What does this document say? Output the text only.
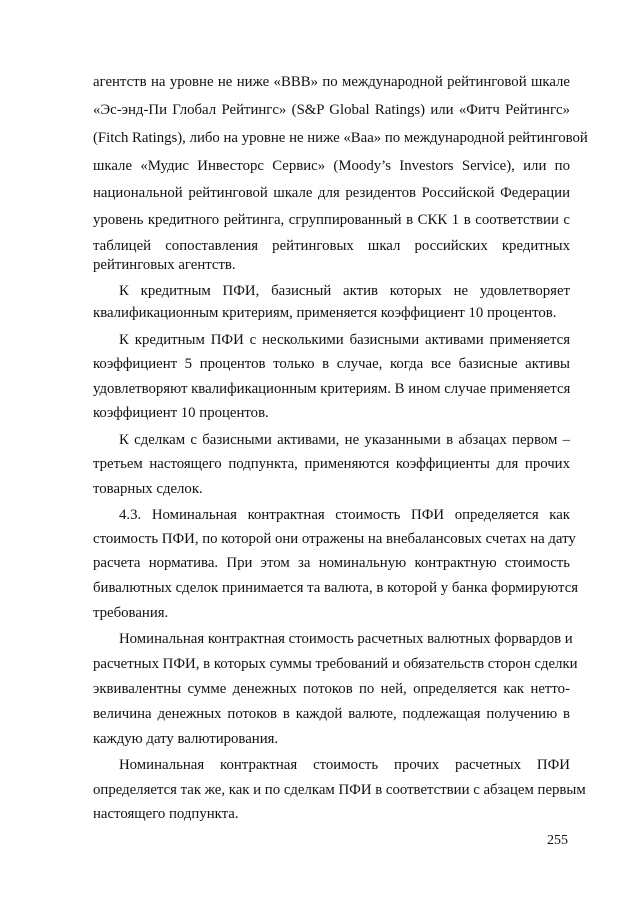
агентств на уровне не ниже «BBB» по международной рейтинговой шкале
«Эс-энд-Пи Глобал Рейтингс» (S&P Global Ratings) или «Фитч Рейтингс»
(Fitch Ratings), либо на уровне не ниже «Baa» по международной рейтинговой
шкале «Мудис Инвесторс Сервис» (Moody’s Investors Service), или по
национальной рейтинговой шкале для резидентов Российской Федерации
уровень кредитного рейтинга, сгруппированный в СКК 1 в соответствии с
таблицей сопоставления рейтинговых шкал российских кредитных
рейтинговых агентств.
К кредитным ПФИ, базисный актив которых не удовлетворяет
квалификационным критериям, применяется коэффициент 10 процентов.
К кредитным ПФИ с несколькими базисными активами применяется
коэффициент 5 процентов только в случае, когда все базисные активы
удовлетворяют квалификационным критериям. В ином случае применяется
коэффициент 10 процентов.
К сделкам с базисными активами, не указанными в абзацах первом –
третьем настоящего подпункта, применяются коэффициенты для прочих
товарных сделок.
4.3. Номинальная контрактная стоимость ПФИ определяется как
стоимость ПФИ, по которой они отражены на внебалансовых счетах на дату
расчета норматива. При этом за номинальную контрактную стоимость
бивалютных сделок принимается та валюта, в которой у банка формируются
требования.
Номинальная контрактная стоимость расчетных валютных форвардов и
расчетных ПФИ, в которых суммы требований и обязательств сторон сделки
эквивалентны сумме денежных потоков по ней, определяется как нетто-
величина денежных потоков в каждой валюте, подлежащая получению в
каждую дату валютирования.
Номинальная контрактная стоимость прочих расчетных ПФИ
определяется так же, как и по сделкам ПФИ в соответствии с абзацем первым
настоящего подпункта.
255
